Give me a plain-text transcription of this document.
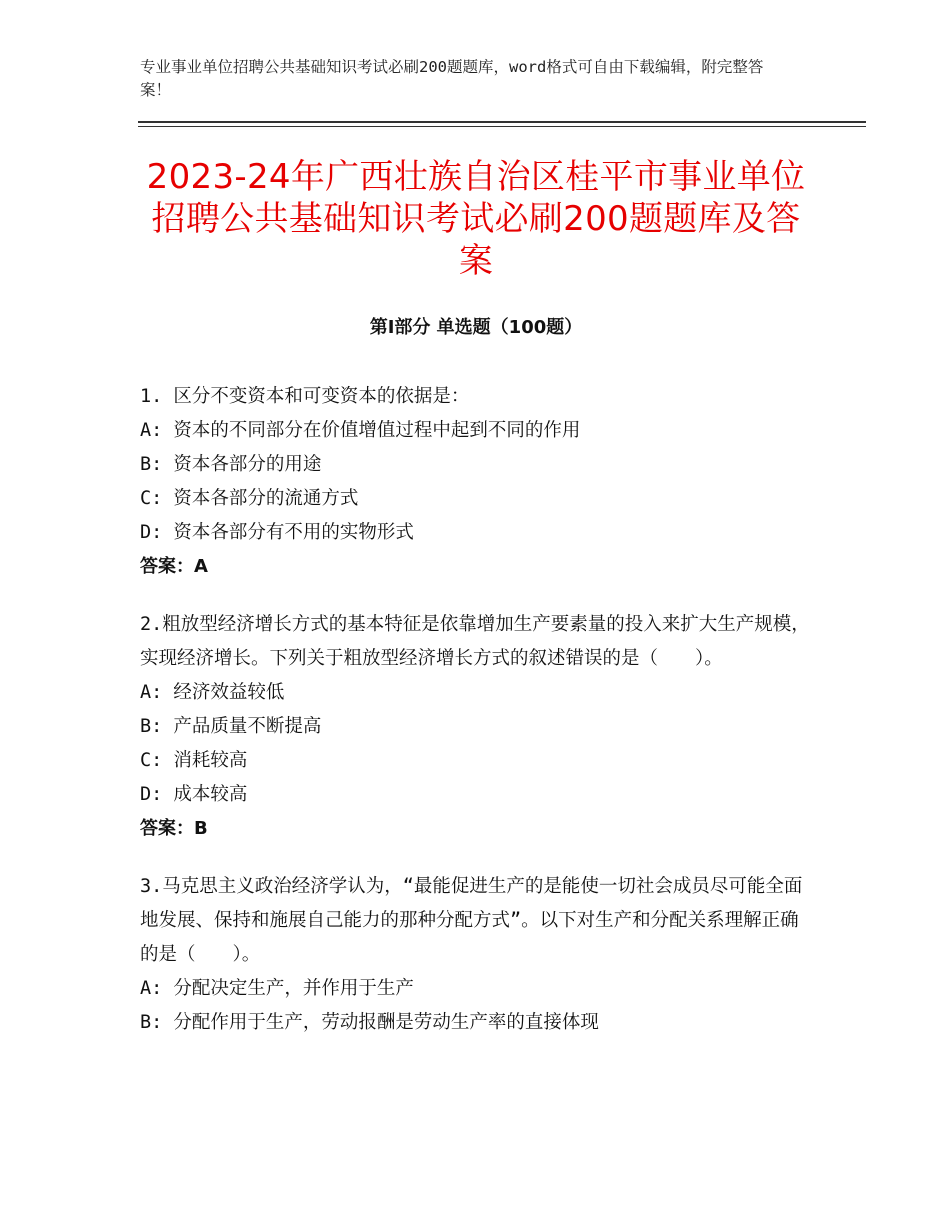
专业事业单位招聘公共基础知识考试必刷200题题库，word格式可自由下载编辑，附完整答案！
2023-24年广西壮族自治区桂平市事业单位招聘公共基础知识考试必刷200题题库及答案
第Ⅰ部分 单选题（100题）

1. 区分不变资本和可变资本的依据是：

A: 资本的不同部分在价值增值过程中起到不同的作用

B: 资本各部分的用途

C: 资本各部分的流通方式

D: 资本各部分有不用的实物形式

答案：A

2.粗放型经济增长方式的基本特征是依靠增加生产要素量的投入来扩大生产规模，实现经济增长。下列关于粗放型经济增长方式的叙述错误的是（　　）。

A: 经济效益较低

B: 产品质量不断提高

C: 消耗较高

D: 成本较高

答案：B

3.马克思主义政治经济学认为，“最能促进生产的是能使一切社会成员尽可能全面地发展、保持和施展自己能力的那种分配方式”。以下对生产和分配关系理解正确的是（　　）。

A: 分配决定生产，并作用于生产

B: 分配作用于生产，劳动报酬是劳动生产率的直接体现
